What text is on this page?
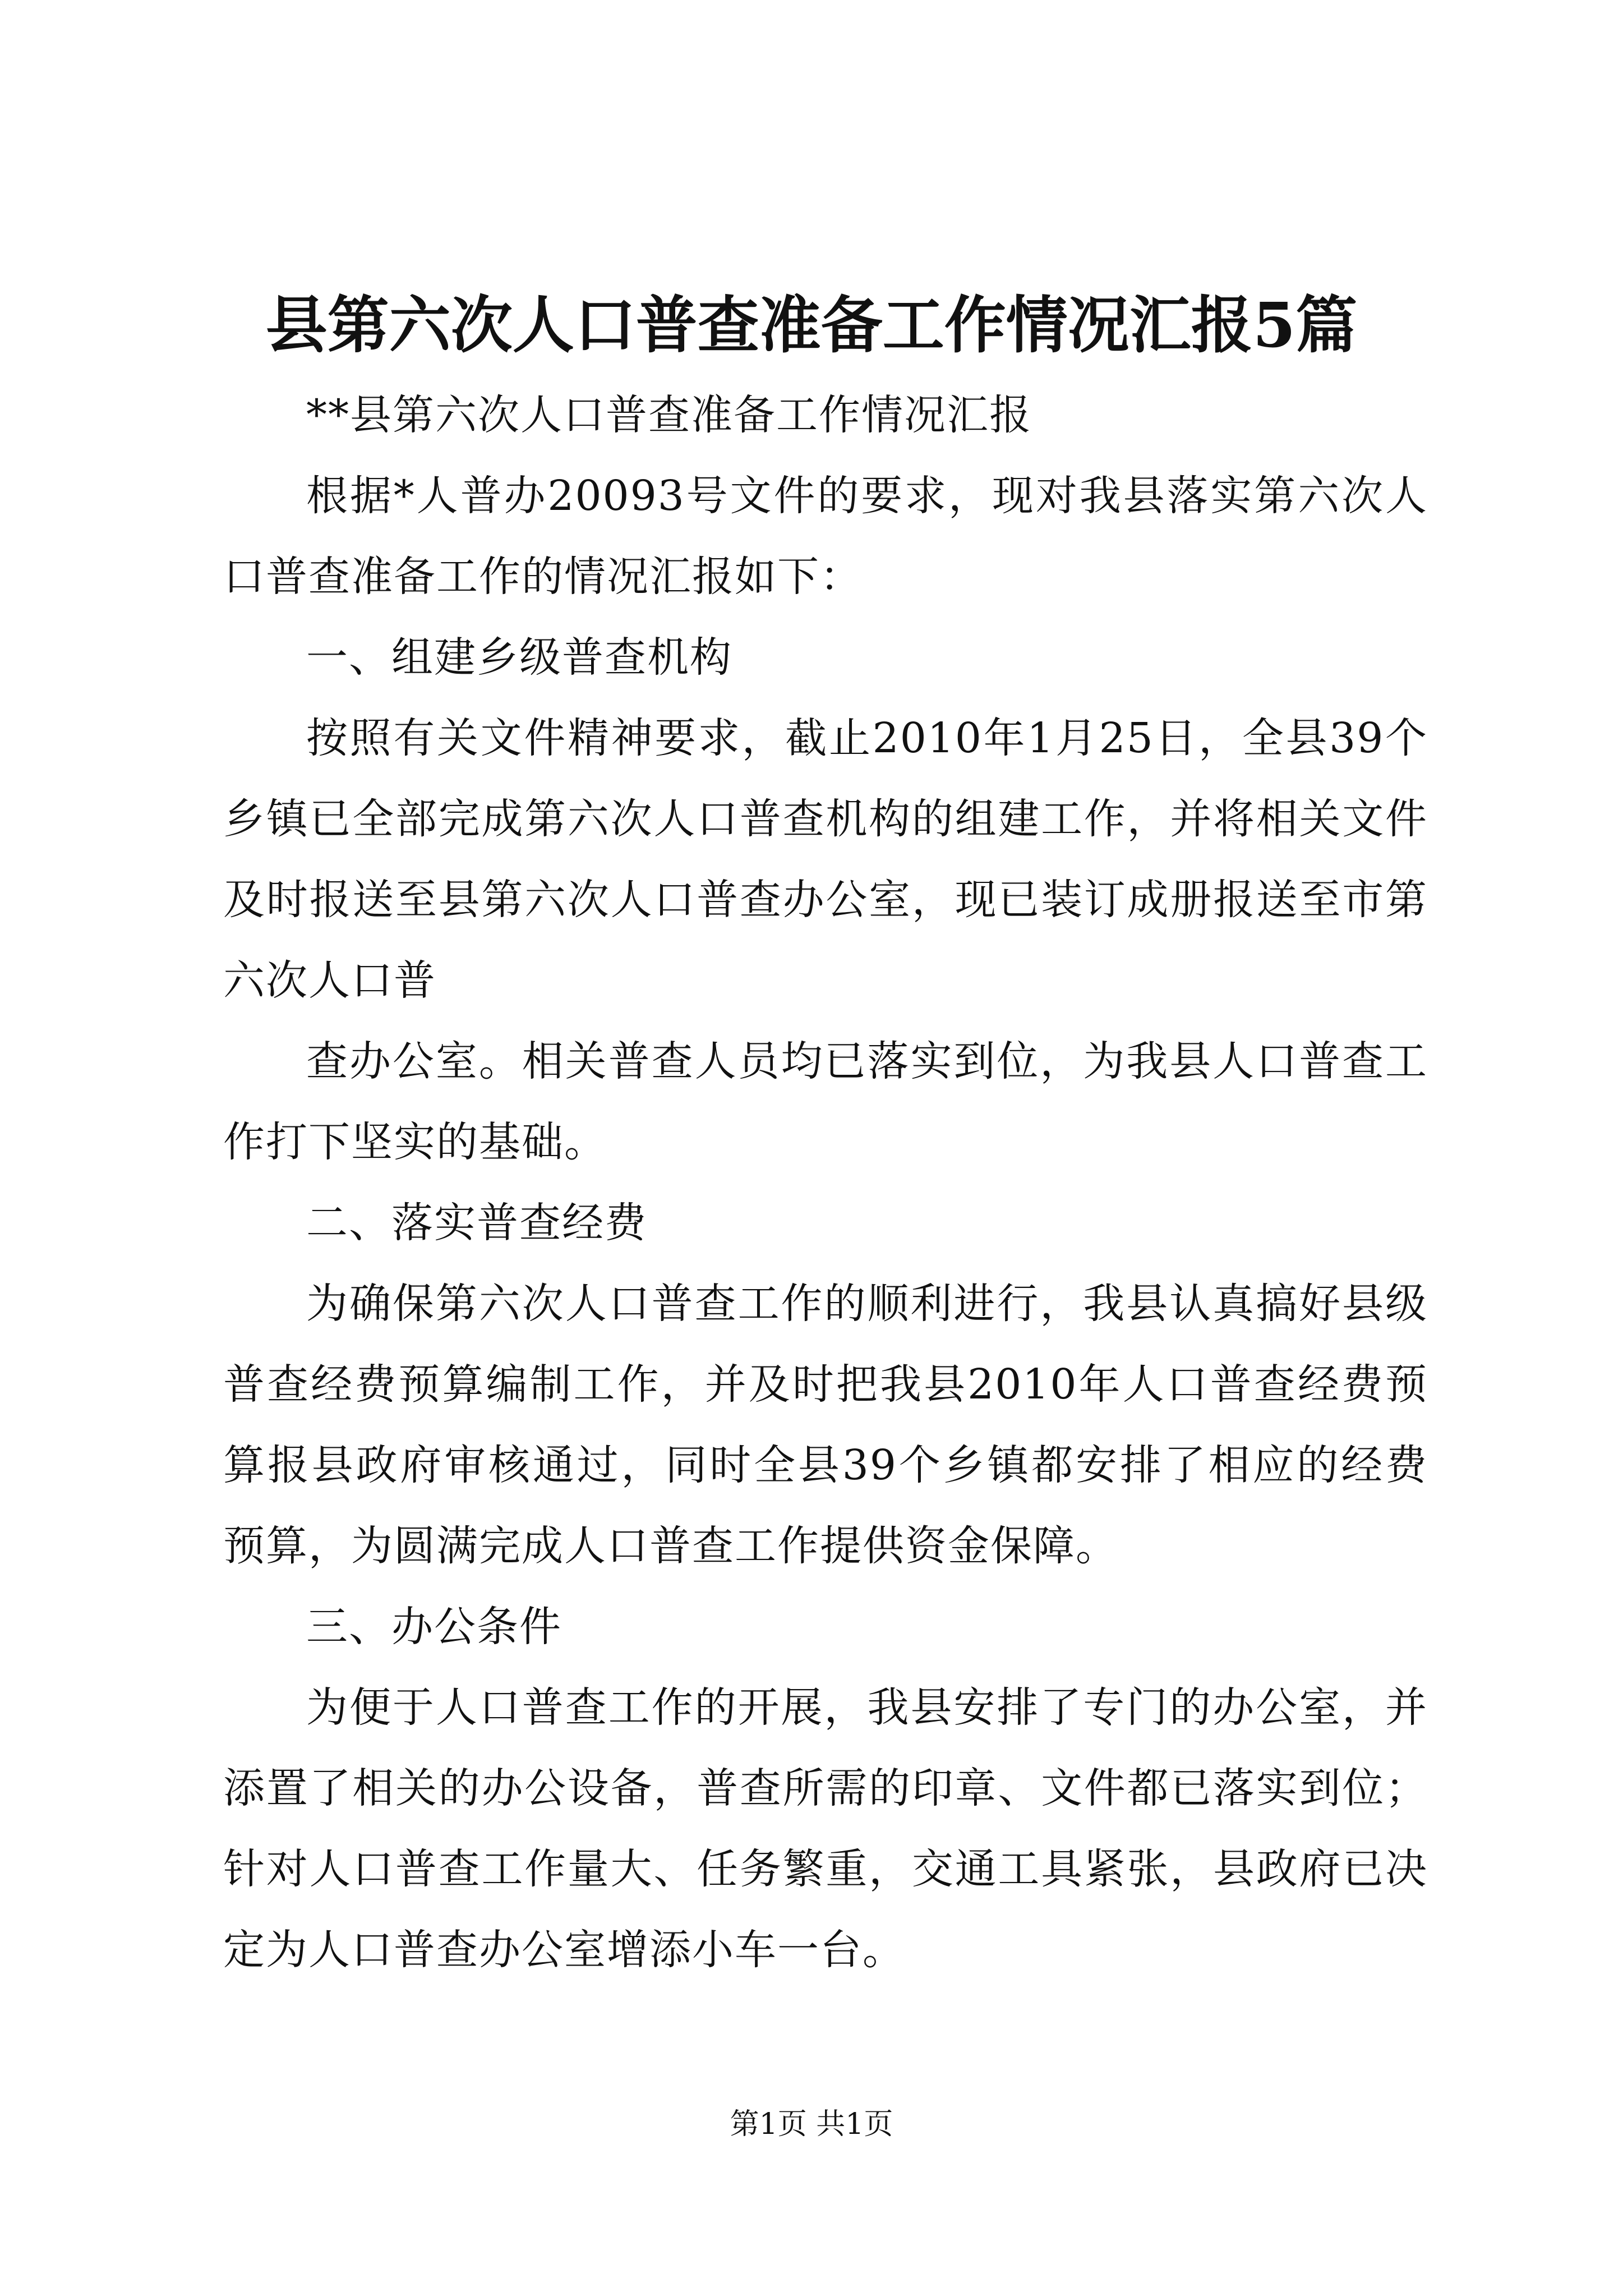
县第六次人口普查准备工作情况汇报5篇

**县第六次人口普查准备工作情况汇报

根据*人普办20093号文件的要求，现对我县落实第六次人口普查准备工作的情况汇报如下：

一、组建乡级普查机构

按照有关文件精神要求，截止2010年1月25日，全县39个乡镇已全部完成第六次人口普查机构的组建工作，并将相关文件及时报送至县第六次人口普查办公室，现已装订成册报送至市第六次人口普

查办公室。相关普查人员均已落实到位，为我县人口普查工作打下坚实的基础。

二、落实普查经费

为确保第六次人口普查工作的顺利进行，我县认真搞好县级普查经费预算编制工作，并及时把我县2010年人口普查经费预算报县政府审核通过，同时全县39个乡镇都安排了相应的经费预算，为圆满完成人口普查工作提供资金保障。

三、办公条件

为便于人口普查工作的开展，我县安排了专门的办公室，并添置了相关的办公设备，普查所需的印章、文件都已落实到位；针对人口普查工作量大、任务繁重，交通工具紧张，县政府已决定为人口普查办公室增添小车一台。

第1页 共1页
